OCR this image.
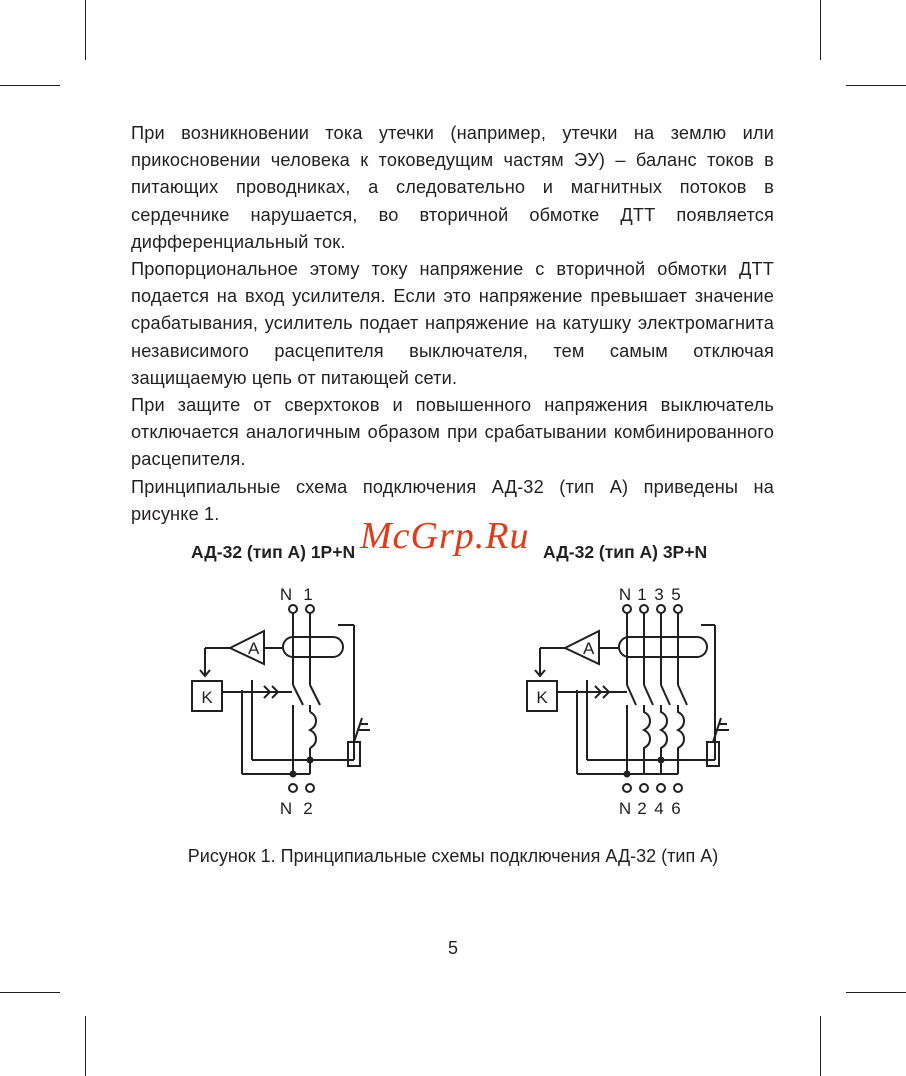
При возникновении тока утечки (например, утечки на землю или прикосновении человека к токоведущим частям ЭУ) – баланс токов в питающих проводниках, а следовательно и магнитных потоков в сердечнике нарушается, во вторичной обмотке ДТТ появляется дифференциальный ток.

Пропорциональное этому току напряжение с вторичной обмотки ДТТ подается на вход усилителя. Если это напряжение превышает значение срабатывания, усилитель подает напряжение на катушку электромагнита независимого расцепителя выключателя, тем самым отключая защищаемую цепь от питающей сети.

При защите от сверхтоков и повышенного напряжения выключатель отключается аналогичным образом при срабатывании комбинированного расцепителя.

Принципиальные схема подключения АД-32 (тип А) приведены на рисунке 1.

АД-32 (тип А) 1P+N	АД-32 (тип А) 3P+N
McGrp.Ru
N 1
A
K
N 2
N 1 3 5
A
K
N 2 4 6
Рисунок 1. Принципиальные схемы подключения АД-32 (тип А)
5
